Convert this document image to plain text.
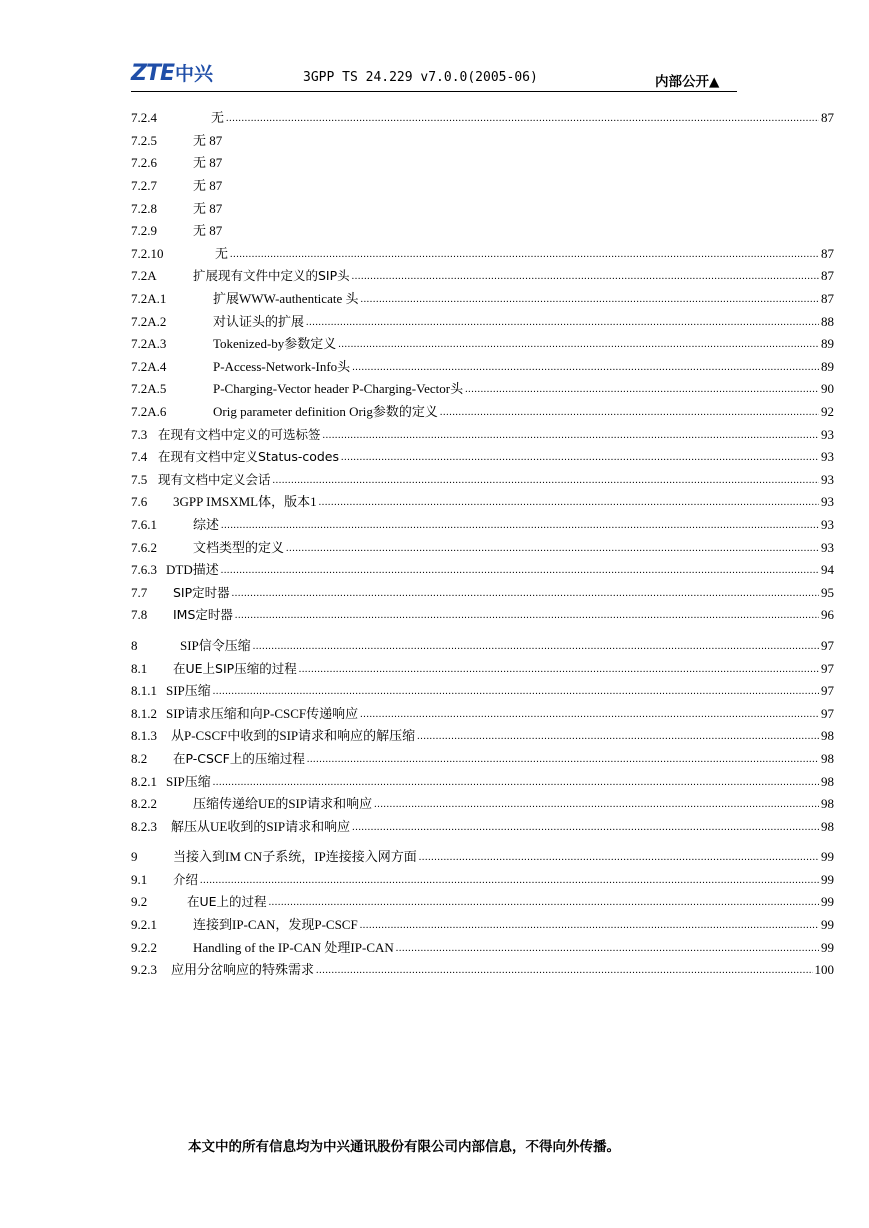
ZTE 中兴	3GPP TS 24.229 v7.0.0(2005-06)	内部公开▲
7.2.4	无 .....	87
7.2.5	无 87
7.2.6	无 87
7.2.7	无 87
7.2.8	无 87
7.2.9	无 87
7.2.10	无 .....	87
7.2A	扩展现有文件中定义的SIP头 .....	87
7.2A.1	扩展WWW-authenticate 头 .....	87
7.2A.2	对认证头的扩展 .....	88
7.2A.3	Tokenized-by参数定义 .....	89
7.2A.4	P-Access-Network-Info头 .....	89
7.2A.5	P-Charging-Vector header P-Charging-Vector头 .....	90
7.2A.6	Orig parameter definition Orig参数的定义 .....	92
7.3 在现有文档中定义的可选标签 .....	93
7.4 在现有文档中定义Status-codes .....	93
7.5 现有文档中定义会话 .....	93
7.6	3GPP IMSXML体，版本1 .....	93
7.6.1	综述 .....	93
7.6.2	文档类型的定义 .....	93
7.6.3 DTD描述 .....	94
7.7	SIP定时器 .....	95
7.8	IMS定时器 .....	96
8	SIP信令压缩 .....	97
8.1	在UE上SIP压缩的过程 .....	97
8.1.1 SIP压缩 .....	97
8.1.2 SIP请求压缩和向P-CSCF传递响应 .....	97
8.1.3	从P-CSCF中收到的SIP请求和响应的解压缩 .....	98
8.2	在P-CSCF上的压缩过程 .....	98
8.2.1 SIP压缩 .....	98
8.2.2	压缩传递给UE的SIP请求和响应 .....	98
8.2.3	解压从UE收到的SIP请求和响应 .....	98
9	当接入到IM CN子系统，IP连接接入网方面 .....	99
9.1	介绍 .....	99
9.2	在UE上的过程 .....	99
9.2.1	连接到IP-CAN，发现P-CSCF .....	99
9.2.2	Handling of the IP-CAN 处理IP-CAN .....	99
9.2.3	应用分岔响应的特殊需求 .....	100
本文中的所有信息均为中兴通讯股份有限公司内部信息，不得向外传播。
